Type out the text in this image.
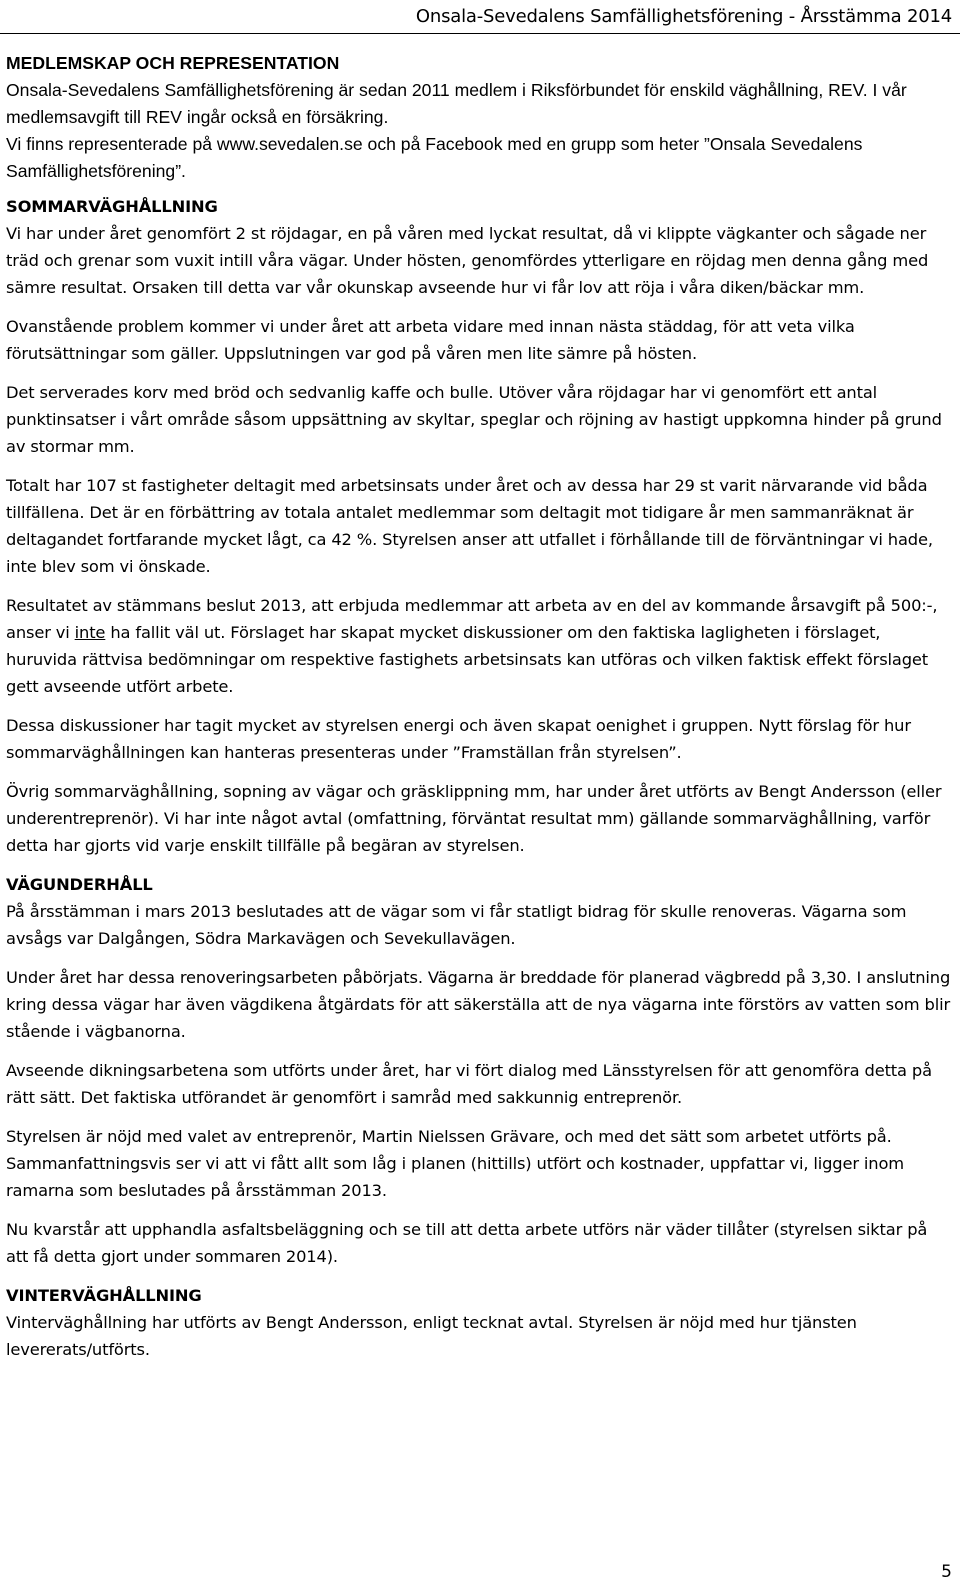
Onsala-Sevedalens Samfällighetsförening - Årsstämma 2014
MEDLEMSKAP OCH REPRESENTATION

Onsala-Sevedalens Samfällighetsförening är sedan 2011 medlem i Riksförbundet för enskild väghållning, REV. I vår medlemsavgift till REV ingår också en försäkring.

Vi finns representerade på www.sevedalen.se och på Facebook med en grupp som heter ”Onsala Sevedalens Samfällighetsförening”.

SOMMARVÄGHÅLLNING

Vi har under året genomfört 2 st röjdagar, en på våren med lyckat resultat, då vi klippte vägkanter och sågade ner träd och grenar som vuxit intill våra vägar. Under hösten, genomfördes ytterligare en röjdag men denna gång med sämre resultat. Orsaken till detta var vår okunskap avseende hur vi får lov att röja i våra diken/bäckar mm.

Ovanstående problem kommer vi under året att arbeta vidare med innan nästa städdag, för att veta vilka förutsättningar som gäller. Uppslutningen var god på våren men lite sämre på hösten.

Det serverades korv med bröd och sedvanlig kaffe och bulle. Utöver våra röjdagar har vi genomfört ett antal punktinsatser i vårt område såsom uppsättning av skyltar, speglar och röjning av hastigt uppkomna hinder på grund av stormar mm.

Totalt har 107 st fastigheter deltagit med arbetsinsats under året och av dessa har 29 st varit närvarande vid båda tillfällena. Det är en förbättring av totala antalet medlemmar som deltagit mot tidigare år men sammanräknat är deltagandet fortfarande mycket lågt, ca 42 %. Styrelsen anser att utfallet i förhållande till de förväntningar vi hade, inte blev som vi önskade.

Resultatet av stämmans beslut 2013, att erbjuda medlemmar att arbeta av en del av kommande årsavgift på 500:-, anser vi inte ha fallit väl ut. Förslaget har skapat mycket diskussioner om den faktiska lagligheten i förslaget, huruvida rättvisa bedömningar om respektive fastighets arbetsinsats kan utföras och vilken faktisk effekt förslaget gett avseende utfört arbete.

Dessa diskussioner har tagit mycket av styrelsen energi och även skapat oenighet i gruppen. Nytt förslag för hur sommarväghållningen kan hanteras presenteras under ”Framställan från styrelsen”.

Övrig sommarväghållning, sopning av vägar och gräsklippning mm, har under året utförts av Bengt Andersson (eller underentreprenör). Vi har inte något avtal (omfattning, förväntat resultat mm) gällande sommarväghållning, varför detta har gjorts vid varje enskilt tillfälle på begäran av styrelsen.

VÄGUNDERHÅLL

På årsstämman i mars 2013 beslutades att de vägar som vi får statligt bidrag för skulle renoveras. Vägarna som avsågs var Dalgången, Södra Markavägen och Sevekullavägen.

Under året har dessa renoveringsarbeten påbörjats. Vägarna är breddade för planerad vägbredd på 3,30. I anslutning kring dessa vägar har även vägdikena åtgärdats för att säkerställa att de nya vägarna inte förstörs av vatten som blir stående i vägbanorna.

Avseende dikningsarbetena som utförts under året, har vi fört dialog med Länsstyrelsen för att genomföra detta på rätt sätt. Det faktiska utförandet är genomfört i samråd med sakkunnig entreprenör.

Styrelsen är nöjd med valet av entreprenör, Martin Nielssen Grävare, och med det sätt som arbetet utförts på. Sammanfattningsvis ser vi att vi fått allt som låg i planen (hittills) utfört och kostnader, uppfattar vi, ligger inom ramarna som beslutades på årsstämman 2013.

Nu kvarstår att upphandla asfaltsbeläggning och se till att detta arbete utförs när väder tillåter (styrelsen siktar på att få detta gjort under sommaren 2014).

VINTERVÄGHÅLLNING

Vinterväghållning har utförts av Bengt Andersson, enligt tecknat avtal. Styrelsen är nöjd med hur tjänsten levererats/utförts.

5
